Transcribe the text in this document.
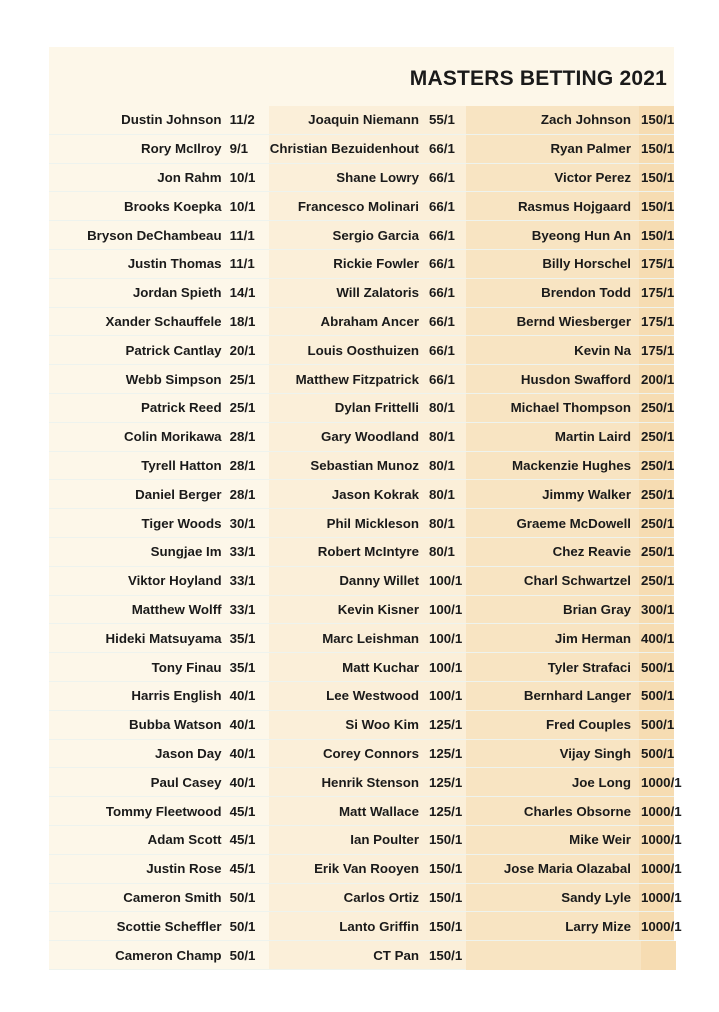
MASTERS BETTING 2021
Dustin Johnson 11/2
Rory McIlroy 9/1
Jon Rahm 10/1
Brooks Koepka 10/1
Bryson DeChambeau 11/1
Justin Thomas 11/1
Jordan Spieth 14/1
Xander Schauffele 18/1
Patrick Cantlay 20/1
Webb Simpson 25/1
Patrick Reed 25/1
Colin Morikawa 28/1
Tyrell Hatton 28/1
Daniel Berger 28/1
Tiger Woods 30/1
Sungjae Im 33/1
Viktor Hoyland 33/1
Matthew Wolff 33/1
Hideki Matsuyama 35/1
Tony Finau 35/1
Harris English 40/1
Bubba Watson 40/1
Jason Day 40/1
Paul Casey 40/1
Tommy Fleetwood 45/1
Adam Scott 45/1
Justin Rose 45/1
Cameron Smith 50/1
Scottie Scheffler 50/1
Cameron Champ 50/1
Joaquin Niemann 55/1
Christian Bezuidenhout 66/1
Shane Lowry 66/1
Francesco Molinari 66/1
Sergio Garcia 66/1
Rickie Fowler 66/1
Will Zalatoris 66/1
Abraham Ancer 66/1
Louis Oosthuizen 66/1
Matthew Fitzpatrick 66/1
Dylan Frittelli 80/1
Gary Woodland 80/1
Sebastian Munoz 80/1
Jason Kokrak 80/1
Phil Mickleson 80/1
Robert McIntyre 80/1
Danny Willet 100/1
Kevin Kisner 100/1
Marc Leishman 100/1
Matt Kuchar 100/1
Lee Westwood 100/1
Si Woo Kim 125/1
Corey Connors 125/1
Henrik Stenson 125/1
Matt Wallace 125/1
Ian Poulter 150/1
Erik Van Rooyen 150/1
Carlos Ortiz 150/1
Lanto Griffin 150/1
CT Pan 150/1
Zach Johnson 150/1
Ryan Palmer 150/1
Victor Perez 150/1
Rasmus Hojgaard 150/1
Byeong Hun An 150/1
Billy Horschel 175/1
Brendon Todd 175/1
Bernd Wiesberger 175/1
Kevin Na 175/1
Husdon Swafford 200/1
Michael Thompson 250/1
Martin Laird 250/1
Mackenzie Hughes 250/1
Jimmy Walker 250/1
Graeme McDowell 250/1
Chez Reavie 250/1
Charl Schwartzel 250/1
Brian Gray 300/1
Jim Herman 400/1
Tyler Strafaci 500/1
Bernhard Langer 500/1
Fred Couples 500/1
Vijay Singh 500/1
Joe Long 1000/1
Charles Obsorne 1000/1
Mike Weir 1000/1
Jose Maria Olazabal 1000/1
Sandy Lyle 1000/1
Larry Mize 1000/1
